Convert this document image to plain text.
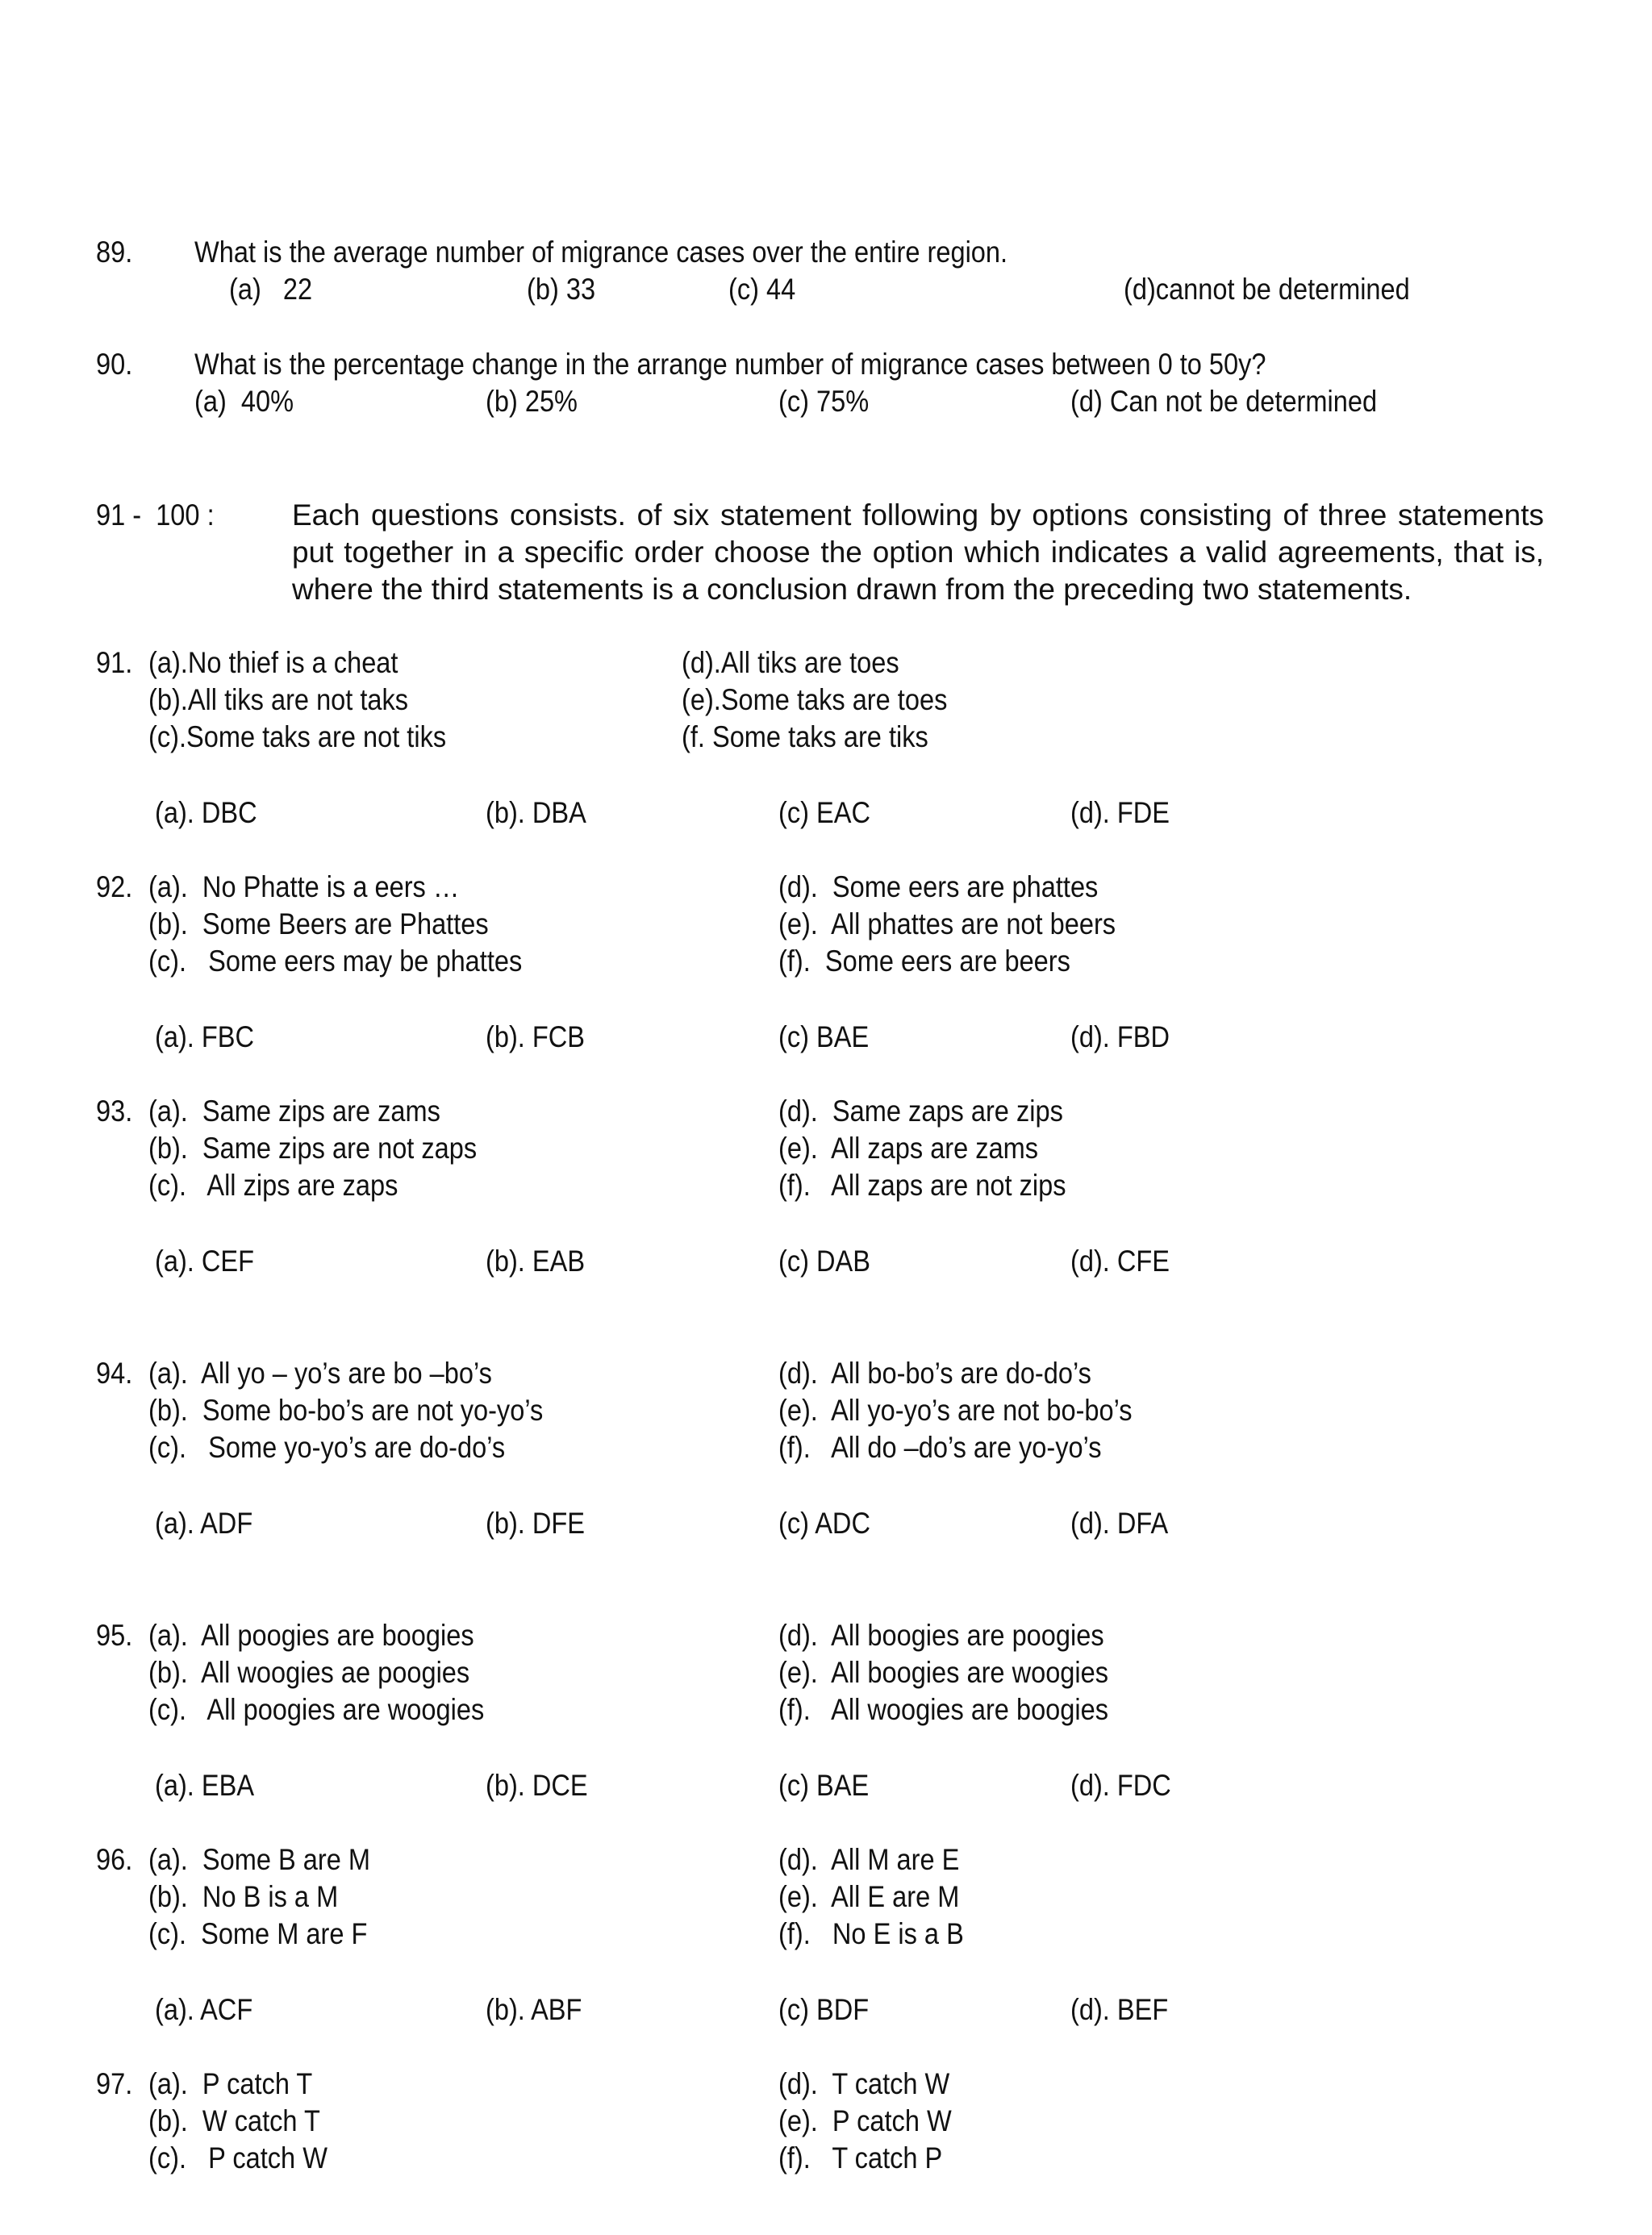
89. What is the average number of migrance cases over the entire region.
(a)   22	(b) 33	(c) 44	(d)cannot be determined
90. What is the percentage change in the arrange number of migrance cases between 0 to 50y?
(a)  40%	(b) 25%	(c) 75%	(d) Can not be determined
91 -  100 :	Each questions consists. of six statement following by options consisting of three statements put together in a specific order choose the option which indicates a valid agreements, that is, where the third statements is a conclusion drawn from the preceding two statements.
91. (a).No thief is a cheat
(b).All tiks are not taks
(c).Some taks are not tiks
(d).All tiks are toes
(e).Some taks are toes
(f. Some taks are tiks
(a). DBC	(b). DBA	(c) EAC	(d). FDE
92. (a).  No Phatte is a eers …
(b).  Some Beers are Phattes
(c).   Some eers may be phattes
(d).  Some eers are phattes
(e).  All phattes are not beers
(f).  Some eers are beers
(a). FBC	(b). FCB	(c) BAE	(d). FBD
93. (a).  Same zips are zams
(b).  Same zips are not zaps
(c).   All zips are zaps
(d).  Same zaps are zips
(e).  All zaps are zams
(f).   All zaps are not zips
(a). CEF	(b). EAB	(c) DAB	(d). CFE
94. (a).  All yo – yo’s are bo –bo’s
(b).  Some bo-bo’s are not yo-yo’s
(c).   Some yo-yo’s are do-do’s
(d).  All bo-bo’s are do-do’s
(e).  All yo-yo’s are not bo-bo’s
(f).   All do –do’s are yo-yo’s
(a). ADF	(b). DFE	(c) ADC	(d). DFA
95. (a).  All poogies are boogies
(b).  All woogies ae poogies
(c).   All poogies are woogies
(d).  All boogies are poogies
(e).  All boogies are woogies
(f).   All woogies are boogies
(a). EBA	(b). DCE	(c) BAE	(d). FDC
96. (a).  Some B are M
(b).  No B is a M
(c).  Some M are F
(d).  All M are E
(e).  All E are M
(f).   No E is a B
(a). ACF	(b). ABF	(c) BDF	(d). BEF
97. (a).  P catch T
(b).  W catch T
(c).   P catch W
(d).  T catch W
(e).  P catch W
(f).   T catch P
